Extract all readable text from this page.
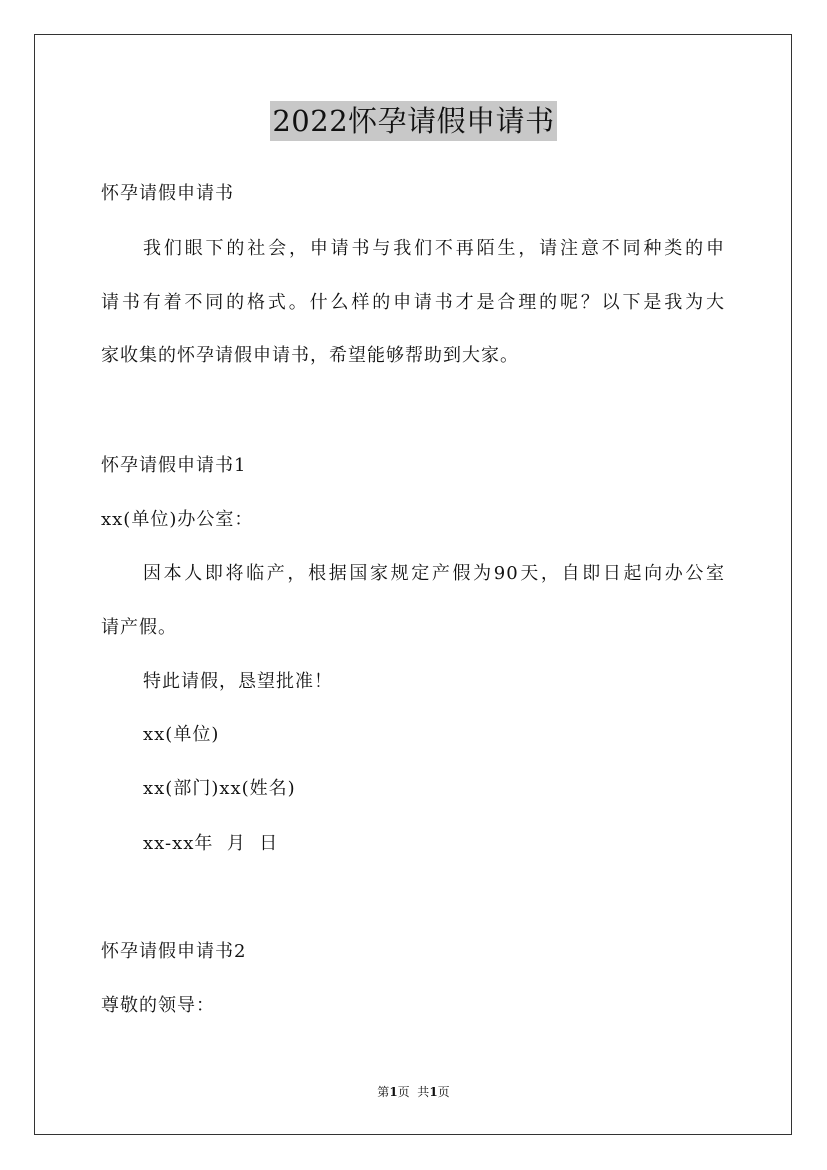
2022怀孕请假申请书
怀孕请假申请书
我们眼下的社会，申请书与我们不再陌生，请注意不同种类的申
请书有着不同的格式。什么样的申请书才是合理的呢？以下是我为大
家收集的怀孕请假申请书，希望能够帮助到大家。
怀孕请假申请书1
xx(单位)办公室：
因本人即将临产，根据国家规定产假为90天，自即日起向办公室
请产假。
特此请假，恳望批准！
xx(单位)
xx(部门)xx(姓名)
xx-xx年  月  日
怀孕请假申请书2
尊敬的领导：
第1页  共1页
